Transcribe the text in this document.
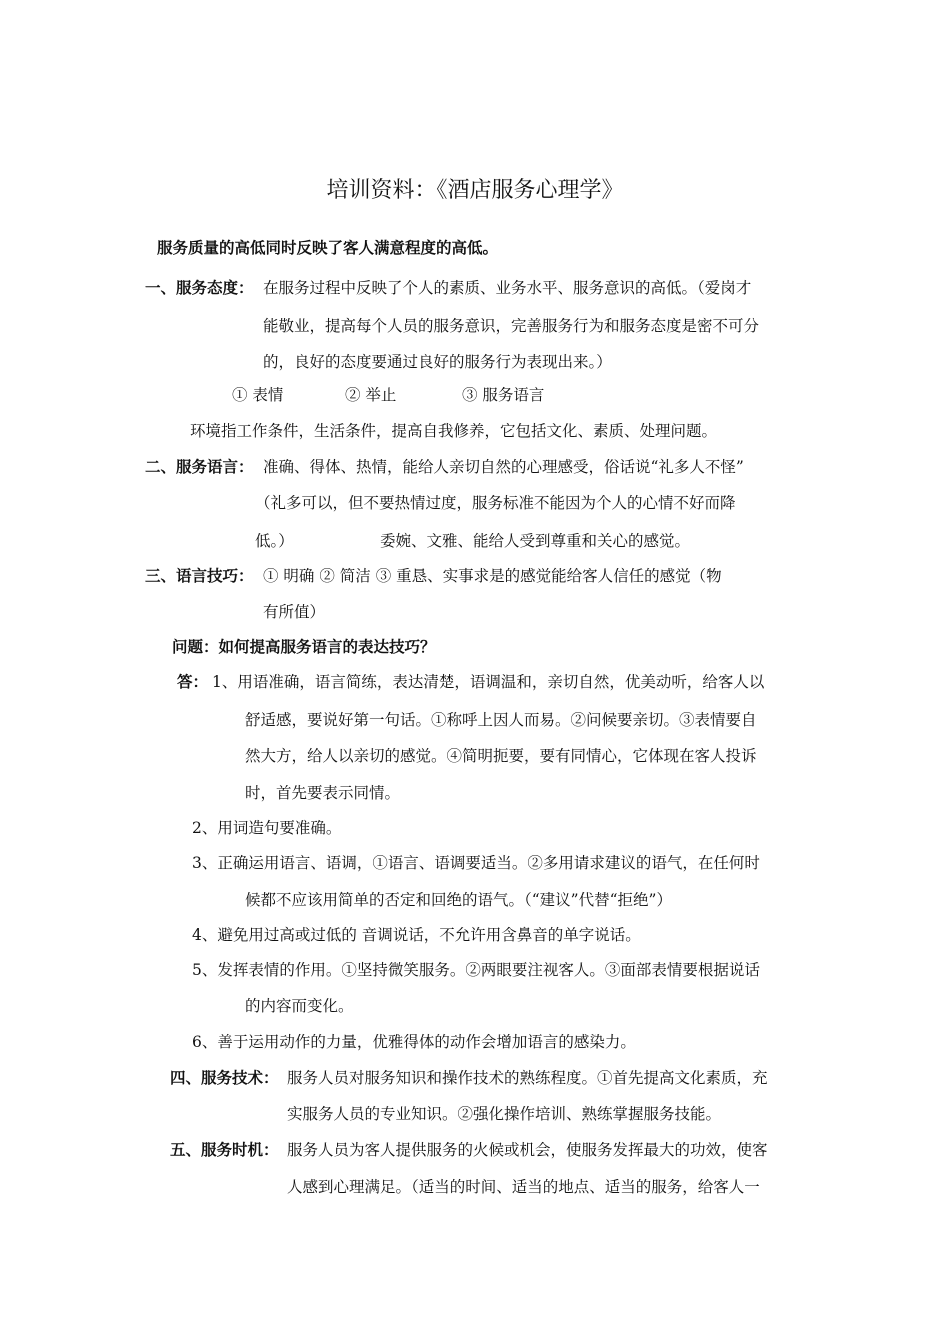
培训资料：《酒店服务心理学》
服务质量的高低同时反映了客人满意程度的高低。
一、服务态度： 在服务过程中反映了个人的素质、业务水平、服务意识的高低。（爱岗才
能敬业，提高每个人员的服务意识，完善服务行为和服务态度是密不可分
的，良好的态度要通过良好的服务行为表现出来。）
① 表情	② 举止	③ 服务语言
环境指工作条件，生活条件，提高自我修养，它包括文化、素质、处理问题。
二、服务语言： 准确、得体、热情，能给人亲切自然的心理感受，俗话说“礼多人不怪”
（礼多可以，但不要热情过度，服务标准不能因为个人的心情不好而降
低。）	委婉、文雅、能给人受到尊重和关心的感觉。
三、语言技巧： ① 明确 ② 简洁 ③ 重恳、实事求是的感觉能给客人信任的感觉（物
有所值）
问题：如何提高服务语言的表达技巧？
答： 1、用语准确，语言简练，表达清楚，语调温和，亲切自然，优美动听，给客人以
舒适感，要说好第一句话。①称呼上因人而易。②问候要亲切。③表情要自
然大方，给人以亲切的感觉。④简明扼要，要有同情心，它体现在客人投诉
时，首先要表示同情。
2、用词造句要准确。
3、正确运用语言、语调，①语言、语调要适当。②多用请求建议的语气，在任何时
候都不应该用简单的否定和回绝的语气。（“建议”代替“拒绝”）
4、避免用过高或过低的 音调说话，不允许用含鼻音的单字说话。
5、发挥表情的作用。①坚持微笑服务。②两眼要注视客人。③面部表情要根据说话
的内容而变化。
6、善于运用动作的力量，优雅得体的动作会增加语言的感染力。
四、服务技术： 服务人员对服务知识和操作技术的熟练程度。①首先提高文化素质，充
实服务人员的专业知识。②强化操作培训、熟练掌握服务技能。
五、服务时机： 服务人员为客人提供服务的火候或机会，使服务发挥最大的功效，使客
人感到心理满足。（适当的时间、适当的地点、适当的服务，给客人一
